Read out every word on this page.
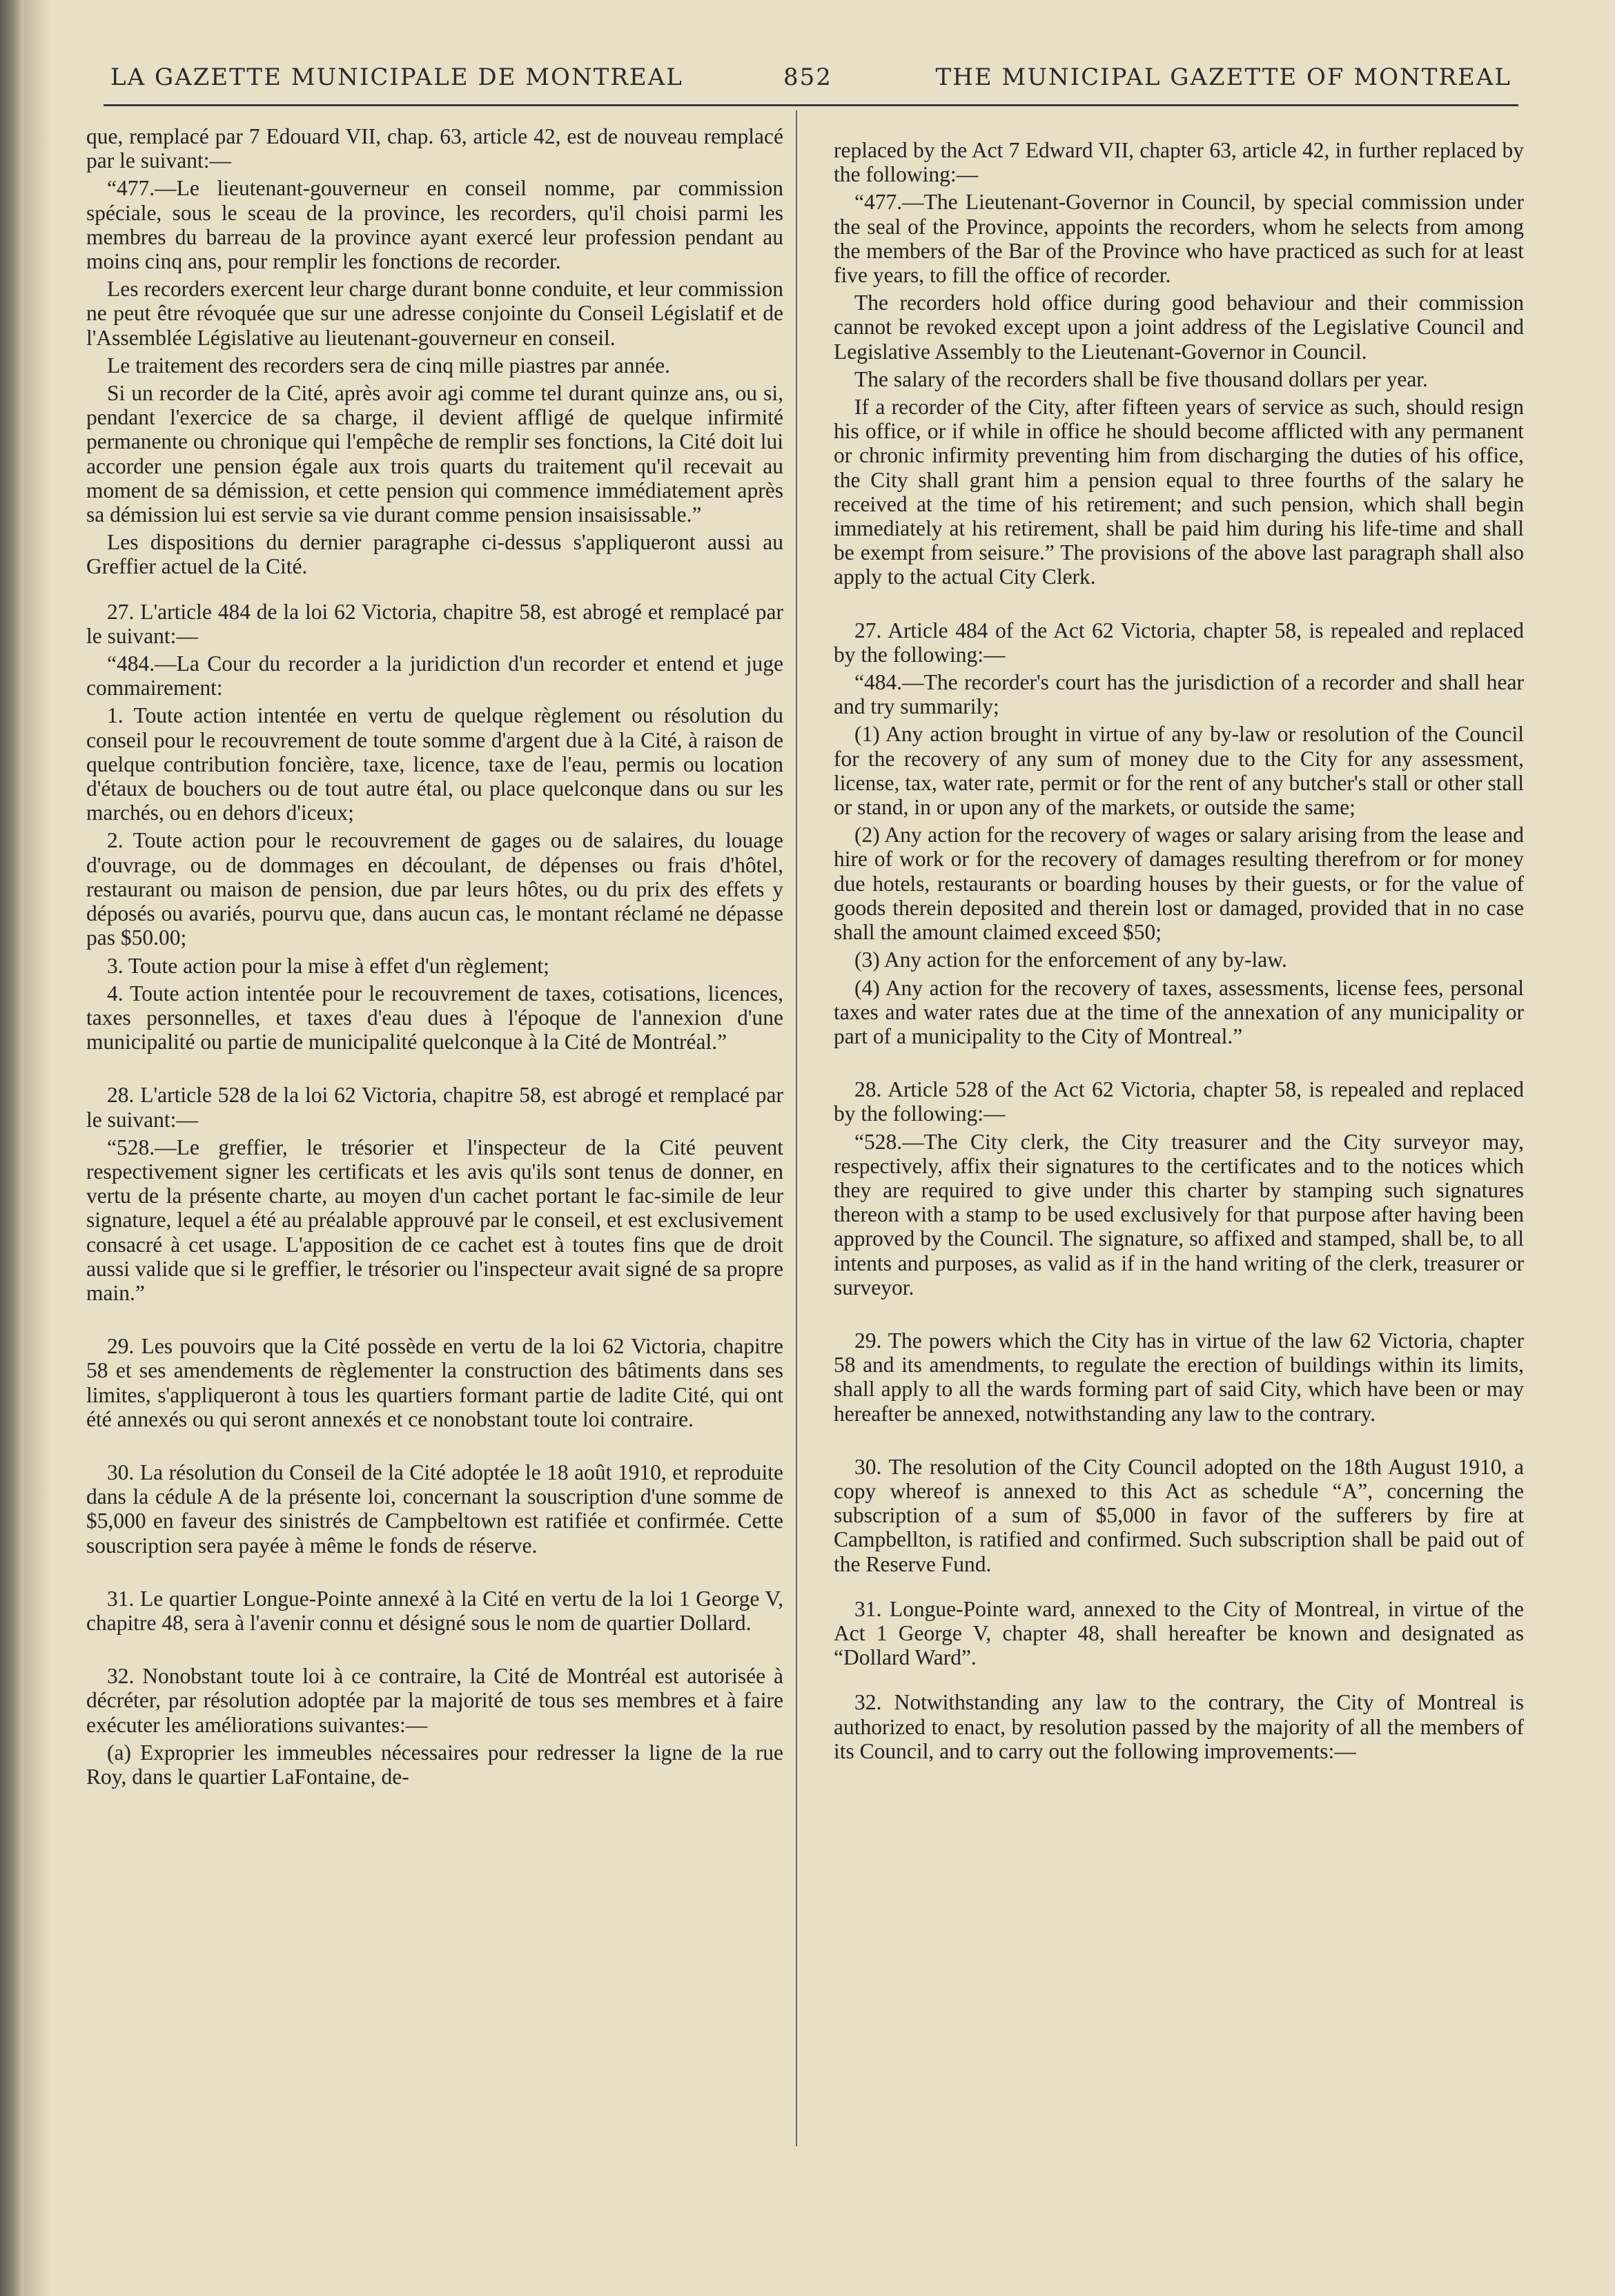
LA GAZETTE MUNICIPALE DE MONTREAL	852	THE MUNICIPAL GAZETTE OF MONTREAL

que, remplacé par 7 Edouard VII, chap. 63, article 42, est de nouveau remplacé par le suivant:—

“477.—Le lieutenant-gouverneur en conseil nomme, par commission spéciale, sous le sceau de la province, les recorders, qu'il choisi parmi les membres du barreau de la province ayant exercé leur profession pendant au moins cinq ans, pour remplir les fonctions de recorder.

Les recorders exercent leur charge durant bonne conduite, et leur commission ne peut être révoquée que sur une adresse conjointe du Conseil Législatif et de l'Assemblée Législative au lieutenant-gouverneur en conseil.

Le traitement des recorders sera de cinq mille piastres par année.

Si un recorder de la Cité, après avoir agi comme tel durant quinze ans, ou si, pendant l'exercice de sa charge, il devient affligé de quelque infirmité permanente ou chronique qui l'empêche de remplir ses fonctions, la Cité doit lui accorder une pension égale aux trois quarts du traitement qu'il recevait au moment de sa démission, et cette pension qui commence immédiatement après sa démission lui est servie sa vie durant comme pension insaisissable.”

Les dispositions du dernier paragraphe ci-dessus s'appliqueront aussi au Greffier actuel de la Cité.

27. L'article 484 de la loi 62 Victoria, chapitre 58, est abrogé et remplacé par le suivant:—

“484.—La Cour du recorder a la juridiction d'un recorder et entend et juge commairement:

1. Toute action intentée en vertu de quelque règlement ou résolution du conseil pour le recouvrement de toute somme d'argent due à la Cité, à raison de quelque contribution foncière, taxe, licence, taxe de l'eau, permis ou location d'étaux de bouchers ou de tout autre étal, ou place quelconque dans ou sur les marchés, ou en dehors d'iceux;

2. Toute action pour le recouvrement de gages ou de salaires, du louage d'ouvrage, ou de dommages en découlant, de dépenses ou frais d'hôtel, restaurant ou maison de pension, due par leurs hôtes, ou du prix des effets y déposés ou avariés, pourvu que, dans aucun cas, le montant réclamé ne dépasse pas $50.00;

3. Toute action pour la mise à effet d'un règlement;

4. Toute action intentée pour le recouvrement de taxes, cotisations, licences, taxes personnelles, et taxes d'eau dues à l'époque de l'annexion d'une municipalité ou partie de municipalité quelconque à la Cité de Montréal.”

28. L'article 528 de la loi 62 Victoria, chapitre 58, est abrogé et remplacé par le suivant:—

“528.—Le greffier, le trésorier et l'inspecteur de la Cité peuvent respectivement signer les certificats et les avis qu'ils sont tenus de donner, en vertu de la présente charte, au moyen d'un cachet portant le fac-simile de leur signature, lequel a été au préalable approuvé par le conseil, et est exclusivement consacré à cet usage. L'apposition de ce cachet est à toutes fins que de droit aussi valide que si le greffier, le trésorier ou l'inspecteur avait signé de sa propre main.”

29. Les pouvoirs que la Cité possède en vertu de la loi 62 Victoria, chapitre 58 et ses amendements de règlementer la construction des bâtiments dans ses limites, s'appliqueront à tous les quartiers formant partie de ladite Cité, qui ont été annexés ou qui seront annexés et ce nonobstant toute loi contraire.

30. La résolution du Conseil de la Cité adoptée le 18 août 1910, et reproduite dans la cédule A de la présente loi, concernant la souscription d'une somme de $5,000 en faveur des sinistrés de Campbeltown est ratifiée et confirmée. Cette souscription sera payée à même le fonds de réserve.

31. Le quartier Longue-Pointe annexé à la Cité en vertu de la loi 1 George V, chapitre 48, sera à l'avenir connu et désigné sous le nom de quartier Dollard.

32. Nonobstant toute loi à ce contraire, la Cité de Montréal est autorisée à décréter, par résolution adoptée par la majorité de tous ses membres et à faire exécuter les améliorations suivantes:—

(a) Exproprier les immeubles nécessaires pour redresser la ligne de la rue Roy, dans le quartier LaFontaine, de-

replaced by the Act 7 Edward VII, chapter 63, article 42, in further replaced by the following:—

“477.—The Lieutenant-Governor in Council, by special commission under the seal of the Province, appoints the recorders, whom he selects from among the members of the Bar of the Province who have practiced as such for at least five years, to fill the office of recorder.

The recorders hold office during good behaviour and their commission cannot be revoked except upon a joint address of the Legislative Council and Legislative Assembly to the Lieutenant-Governor in Council.

The salary of the recorders shall be five thousand dollars per year.

If a recorder of the City, after fifteen years of service as such, should resign his office, or if while in office he should become afflicted with any permanent or chronic infirmity preventing him from discharging the duties of his office, the City shall grant him a pension equal to three fourths of the salary he received at the time of his retirement; and such pension, which shall begin immediately at his retirement, shall be paid him during his life-time and shall be exempt from seisure.” The provisions of the above last paragraph shall also apply to the actual City Clerk.

27. Article 484 of the Act 62 Victoria, chapter 58, is repealed and replaced by the following:—

“484.—The recorder's court has the jurisdiction of a recorder and shall hear and try summarily;

(1) Any action brought in virtue of any by-law or resolution of the Council for the recovery of any sum of money due to the City for any assessment, license, tax, water rate, permit or for the rent of any butcher's stall or other stall or stand, in or upon any of the markets, or outside the same;

(2) Any action for the recovery of wages or salary arising from the lease and hire of work or for the recovery of damages resulting therefrom or for money due hotels, restaurants or boarding houses by their guests, or for the value of goods therein deposited and therein lost or damaged, provided that in no case shall the amount claimed exceed $50;

(3) Any action for the enforcement of any by-law.

(4) Any action for the recovery of taxes, assessments, license fees, personal taxes and water rates due at the time of the annexation of any municipality or part of a municipality to the City of Montreal.”

28. Article 528 of the Act 62 Victoria, chapter 58, is repealed and replaced by the following:—

“528.—The City clerk, the City treasurer and the City surveyor may, respectively, affix their signatures to the certificates and to the notices which they are required to give under this charter by stamping such signatures thereon with a stamp to be used exclusively for that purpose after having been approved by the Council. The signature, so affixed and stamped, shall be, to all intents and purposes, as valid as if in the hand writing of the clerk, treasurer or surveyor.

29. The powers which the City has in virtue of the law 62 Victoria, chapter 58 and its amendments, to regulate the erection of buildings within its limits, shall apply to all the wards forming part of said City, which have been or may hereafter be annexed, notwithstanding any law to the contrary.

30. The resolution of the City Council adopted on the 18th August 1910, a copy whereof is annexed to this Act as schedule “A”, concerning the subscription of a sum of $5,000 in favor of the sufferers by fire at Campbellton, is ratified and confirmed. Such subscription shall be paid out of the Reserve Fund.

31. Longue-Pointe ward, annexed to the City of Montreal, in virtue of the Act 1 George V, chapter 48, shall hereafter be known and designated as “Dollard Ward”.

32. Notwithstanding any law to the contrary, the City of Montreal is authorized to enact, by resolution passed by the majority of all the members of its Council, and to carry out the following improvements:—
